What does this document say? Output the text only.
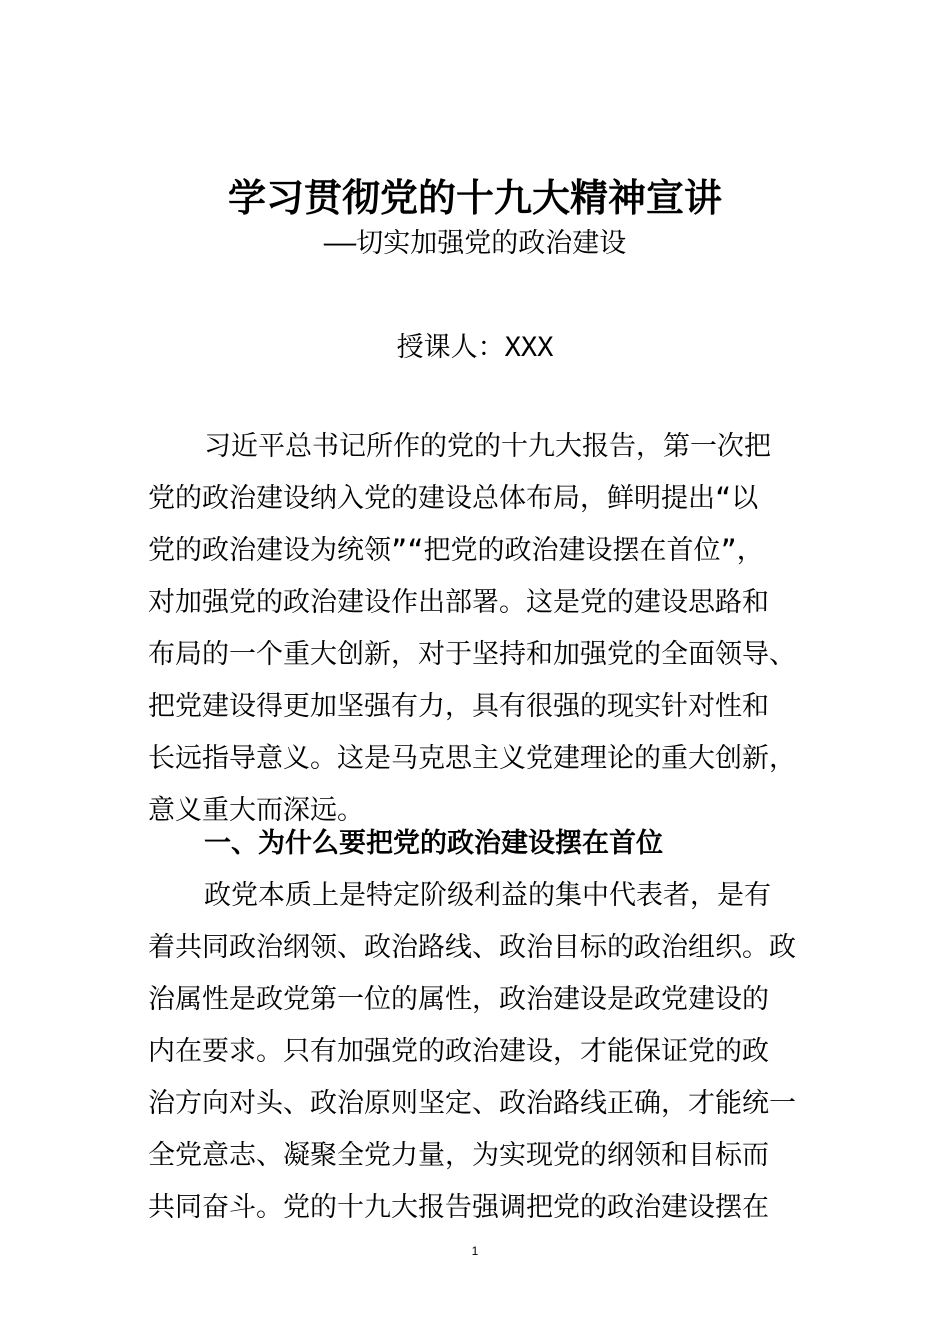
学习贯彻党的十九大精神宣讲
——切实加强党的政治建设
授课人：XXX
习近平总书记所作的党的十九大报告，第一次把
党的政治建设纳入党的建设总体布局，鲜明提出“以
党的政治建设为统领”“把党的政治建设摆在首位”，
对加强党的政治建设作出部署。这是党的建设思路和
布局的一个重大创新，对于坚持和加强党的全面领导、
把党建设得更加坚强有力，具有很强的现实针对性和
长远指导意义。这是马克思主义党建理论的重大创新，
意义重大而深远。
一、为什么要把党的政治建设摆在首位
政党本质上是特定阶级利益的集中代表者，是有
着共同政治纲领、政治路线、政治目标的政治组织。政
治属性是政党第一位的属性，政治建设是政党建设的
内在要求。只有加强党的政治建设，才能保证党的政
治方向对头、政治原则坚定、政治路线正确，才能统一
全党意志、凝聚全党力量，为实现党的纲领和目标而
共同奋斗。党的十九大报告强调把党的政治建设摆在
1
